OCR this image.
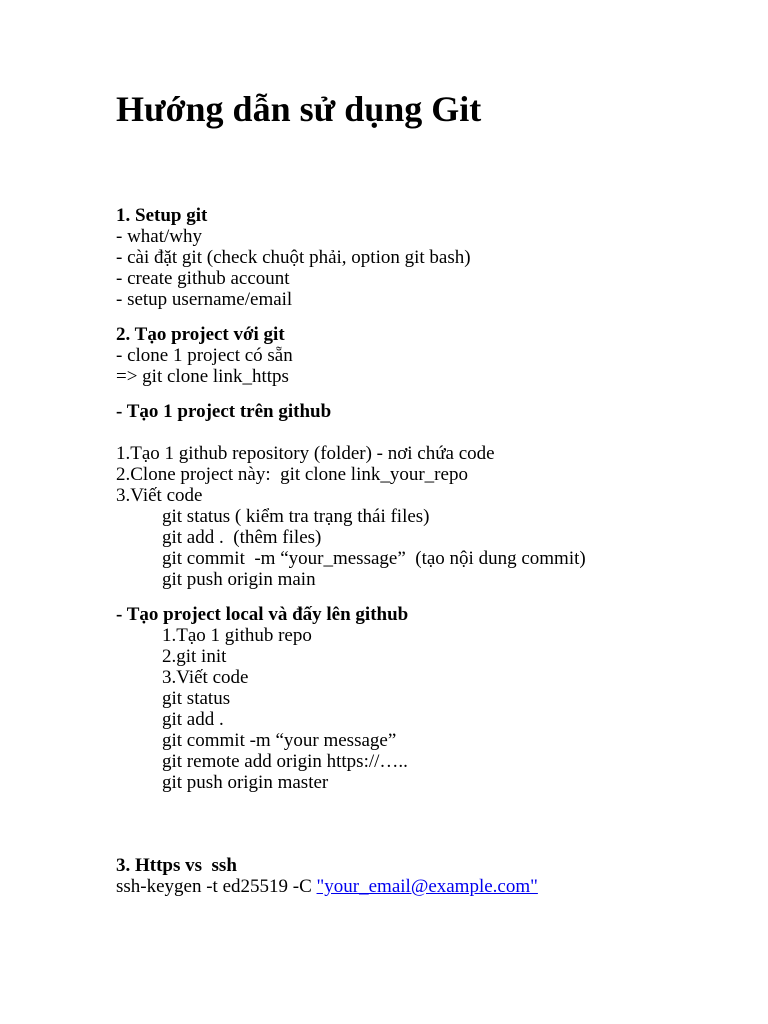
Hướng dẫn sử dụng Git
1. Setup git
- what/why
- cài đặt git (check chuột phải, option git bash)
- create github account
- setup username/email
2. Tạo project với git
- clone 1 project có sẵn
=> git clone link_https
- Tạo 1 project trên github
1.Tạo 1 github repository (folder) - nơi chứa code
2.Clone project này:  git clone link_your_repo
3.Viết code
git status ( kiểm tra trạng thái files)
git add .  (thêm files)
git commit  -m “your_message”  (tạo nội dung commit)
git push origin main
- Tạo project local và đấy lên github
1.Tạo 1 github repo
2.git init
3.Viết code
git status
git add .
git commit -m “your message”
git remote add origin https://…..
git push origin master
3. Https vs  ssh
ssh-keygen -t ed25519 -C "your_email@example.com"
